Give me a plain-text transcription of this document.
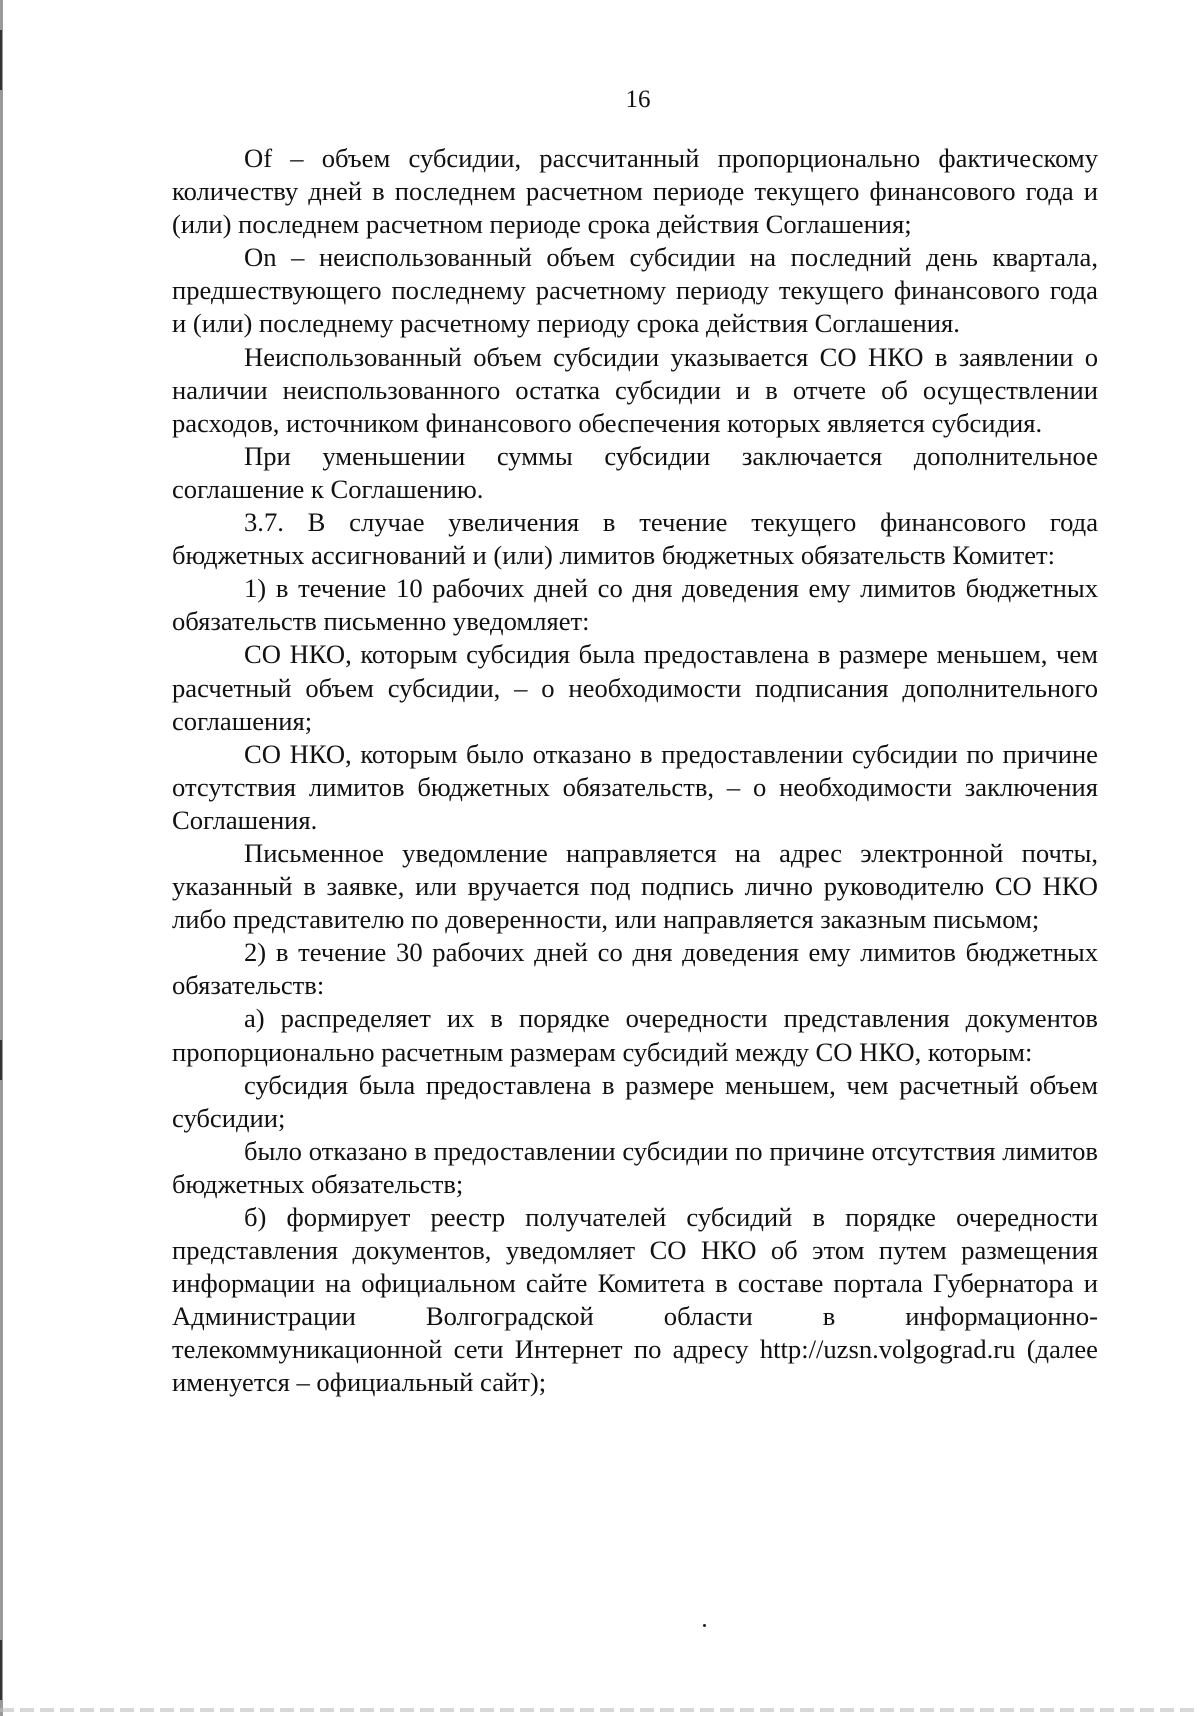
16

Of – объем субсидии, рассчитанный пропорционально фактическому количеству дней в последнем расчетном периоде текущего финансового года и (или) последнем расчетном периоде срока действия Соглашения;

On – неиспользованный объем субсидии на последний день квартала, предшествующего последнему расчетному периоду текущего финансового года и (или) последнему расчетному периоду срока действия Соглашения.

Неиспользованный объем субсидии указывается СО НКО в заявлении о наличии неиспользованного остатка субсидии и в отчете об осуществлении расходов, источником финансового обеспечения которых является субсидия.

При уменьшении суммы субсидии заключается дополнительное соглашение к Соглашению.

3.7. В случае увеличения в течение текущего финансового года бюджетных ассигнований и (или) лимитов бюджетных обязательств Комитет:

1) в течение 10 рабочих дней со дня доведения ему лимитов бюджетных обязательств письменно уведомляет:

СО НКО, которым субсидия была предоставлена в размере меньшем, чем расчетный объем субсидии, – о необходимости подписания дополнительного соглашения;

СО НКО, которым было отказано в предоставлении субсидии по причине отсутствия лимитов бюджетных обязательств, – о необходимости заключения Соглашения.

Письменное уведомление направляется на адрес электронной почты, указанный в заявке, или вручается под подпись лично руководителю СО НКО либо представителю по доверенности, или направляется заказным письмом;

2) в течение 30 рабочих дней со дня доведения ему лимитов бюджетных обязательств:

а) распределяет их в порядке очередности представления документов пропорционально расчетным размерам субсидий между СО НКО, которым:

субсидия была предоставлена в размере меньшем, чем расчетный объем субсидии;

было отказано в предоставлении субсидии по причине отсутствия лимитов бюджетных обязательств;

б) формирует реестр получателей субсидий в порядке очередности представления документов, уведомляет СО НКО об этом путем размещения информации на официальном сайте Комитета в составе портала Губернатора и Администрации Волгоградской области в информационно-телекоммуникационной сети Интернет по адресу http://uzsn.volgograd.ru (далее именуется – официальный сайт);
